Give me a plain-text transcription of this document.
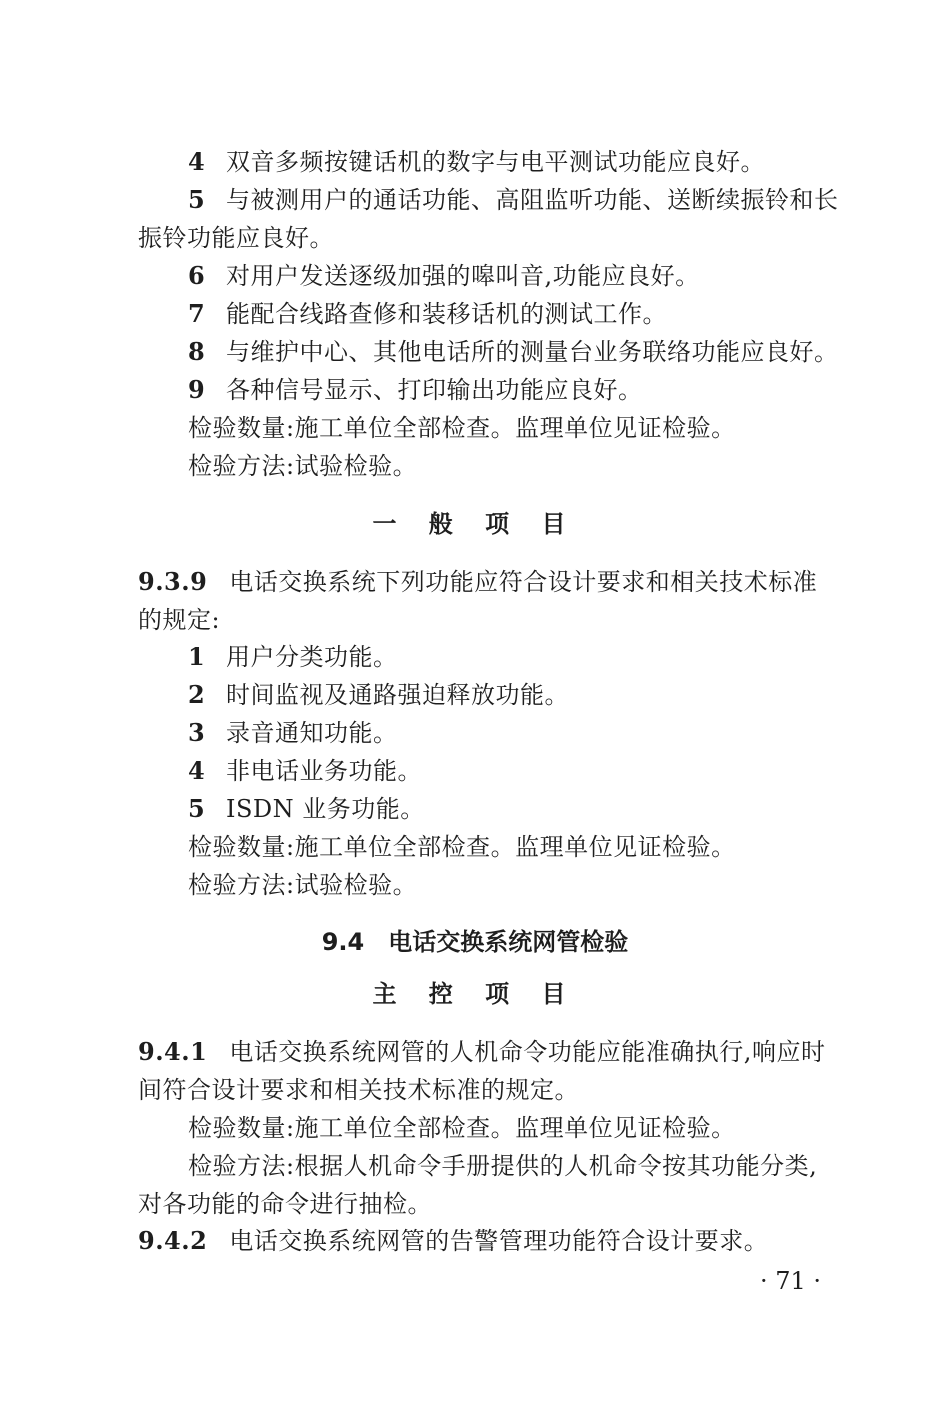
4 双音多频按键话机的数字与电平测试功能应良好。
5 与被测用户的通话功能、高阻监听功能、送断续振铃和长
振铃功能应良好。
6 对用户发送逐级加强的嗥叫音,功能应良好。
7 能配合线路查修和装移话机的测试工作。
8 与维护中心、其他电话所的测量台业务联络功能应良好。
9 各种信号显示、打印输出功能应良好。
检验数量:施工单位全部检查。监理单位见证检验。
检验方法:试验检验。
一 般 项 目
9.3.9 电话交换系统下列功能应符合设计要求和相关技术标准
的规定:
1 用户分类功能。
2 时间监视及通路强迫释放功能。
3 录音通知功能。
4 非电话业务功能。
5 ISDN 业务功能。
检验数量:施工单位全部检查。监理单位见证检验。
检验方法:试验检验。
9.4 电话交换系统网管检验
主 控 项 目
9.4.1 电话交换系统网管的人机命令功能应能准确执行,响应时
间符合设计要求和相关技术标准的规定。
检验数量:施工单位全部检查。监理单位见证检验。
检验方法:根据人机命令手册提供的人机命令按其功能分类,
对各功能的命令进行抽检。
9.4.2 电话交换系统网管的告警管理功能符合设计要求。
· 71 ·
